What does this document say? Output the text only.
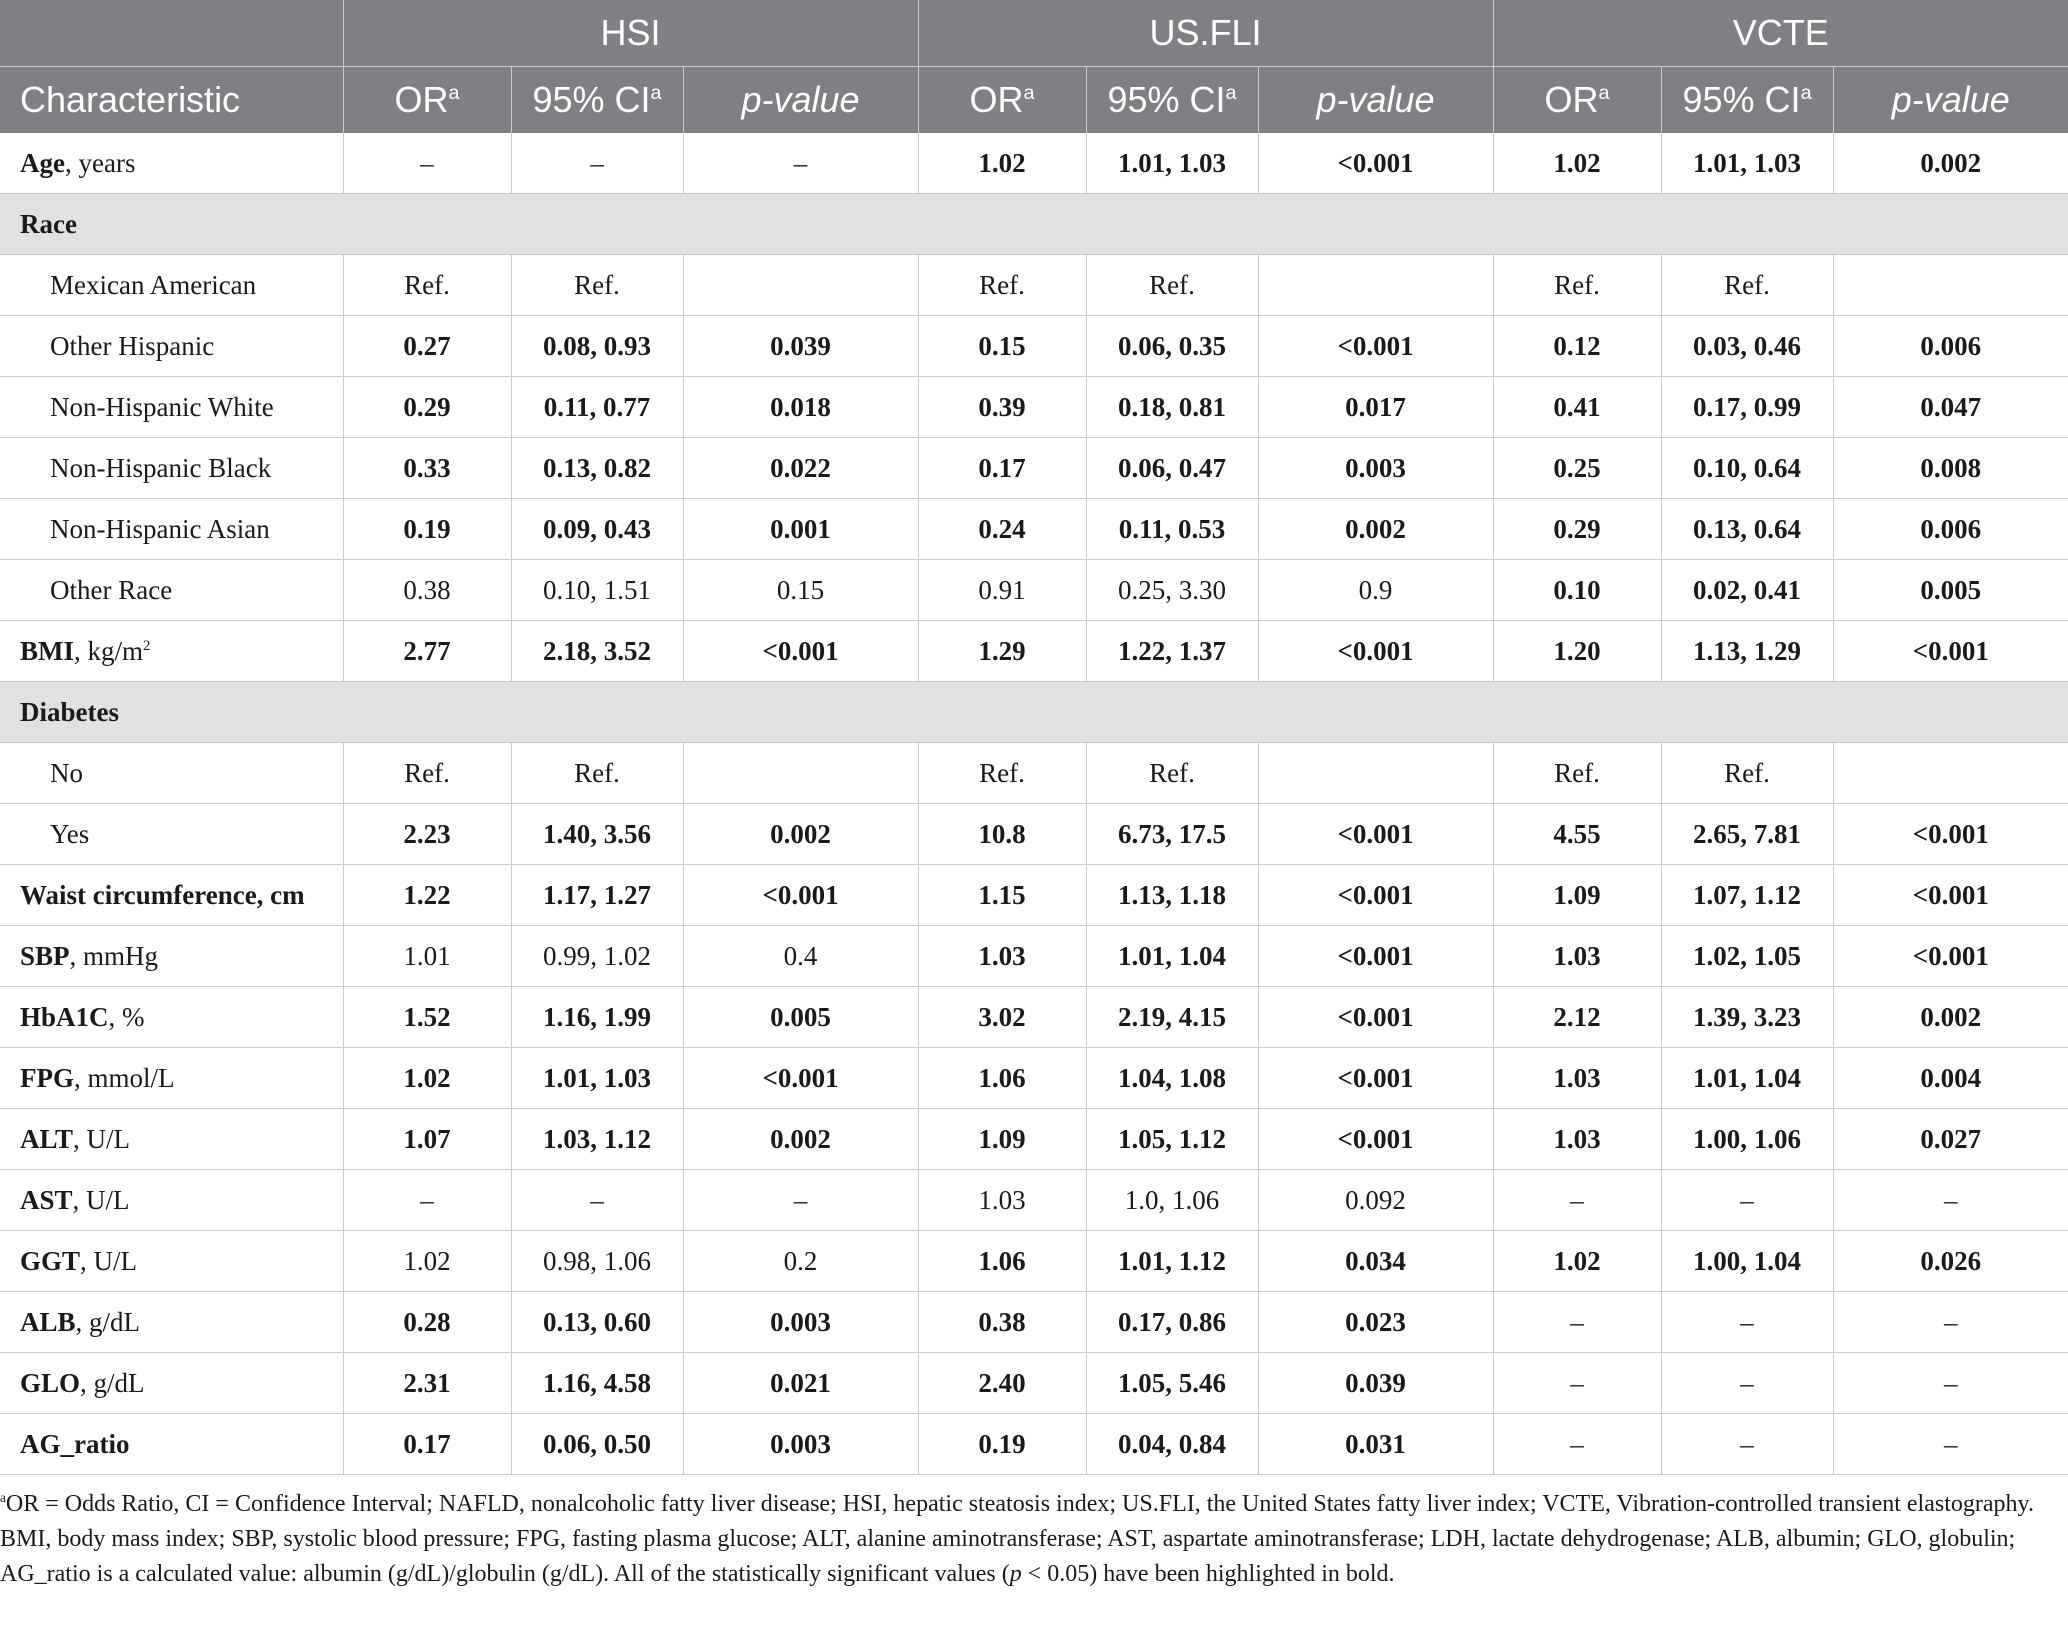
	HSI			US.FLI			VCTE		
Characteristic	$OR^a$	95% $CI^a$	p-value	$OR^a$	95% $CI^a$	p-value	$OR^a$	95% $CI^a$	p-value
Age, years	–	–	–	1.02	1.01, 1.03	<0.001	1.02	1.01, 1.03	0.002
Race									
Mexican American	Ref.	Ref.		Ref.	Ref.		Ref.	Ref.	
Other Hispanic	0.27	0.08, 0.93	0.039	0.15	0.06, 0.35	<0.001	0.12	0.03, 0.46	0.006
Non-Hispanic White	0.29	0.11, 0.77	0.018	0.39	0.18, 0.81	0.017	0.41	0.17, 0.99	0.047
Non-Hispanic Black	0.33	0.13, 0.82	0.022	0.17	0.06, 0.47	0.003	0.25	0.10, 0.64	0.008
Non-Hispanic Asian	0.19	0.09, 0.43	0.001	0.24	0.11, 0.53	0.002	0.29	0.13, 0.64	0.006
Other Race	0.38	0.10, 1.51	0.15	0.91	0.25, 3.30	0.9	0.10	0.02, 0.41	0.005
BMI, $kg/m^2$	2.77	2.18, 3.52	<0.001	1.29	1.22, 1.37	<0.001	1.20	1.13, 1.29	<0.001
Diabetes									
No	Ref.	Ref.		Ref.	Ref.		Ref.	Ref.	
Yes	2.23	1.40, 3.56	0.002	10.8	6.73, 17.5	<0.001	4.55	2.65, 7.81	<0.001
Waist circumference, cm	1.22	1.17, 1.27	<0.001	1.15	1.13, 1.18	<0.001	1.09	1.07, 1.12	<0.001
SBP, mmHg	1.01	0.99, 1.02	0.4	1.03	1.01, 1.04	<0.001	1.03	1.02, 1.05	<0.001
HbA1C, %	1.52	1.16, 1.99	0.005	3.02	2.19, 4.15	<0.001	2.12	1.39, 3.23	0.002
FPG, mmol/L	1.02	1.01, 1.03	<0.001	1.06	1.04, 1.08	<0.001	1.03	1.01, 1.04	0.004
ALT, U/L	1.07	1.03, 1.12	0.002	1.09	1.05, 1.12	<0.001	1.03	1.00, 1.06	0.027
AST, U/L	–	–	–	1.03	1.0, 1.06	0.092	–	–	–
GGT, U/L	1.02	0.98, 1.06	0.2	1.06	1.01, 1.12	0.034	1.02	1.00, 1.04	0.026
ALB, g/dL	0.28	0.13, 0.60	0.003	0.38	0.17, 0.86	0.023	–	–	–
GLO, g/dL	2.31	1.16, 4.58	0.021	2.40	1.05, 5.46	0.039	–	–	–
AG_ratio	0.17	0.06, 0.50	0.003	0.19	0.04, 0.84	0.031	–	–	–

$^a$OR = Odds Ratio, CI = Confidence Interval; NAFLD, nonalcoholic fatty liver disease; HSI, hepatic steatosis index; US.FLI, the United States fatty liver index; VCTE, Vibration-controlled transient elastography. BMI, body mass index; SBP, systolic blood pressure; FPG, fasting plasma glucose; ALT, alanine aminotransferase; AST, aspartate aminotransferase; LDH, lactate dehydrogenase; ALB, albumin; GLO, globulin; AG_ratio is a calculated value: albumin (g/dL)/globulin (g/dL). All of the statistically significant values (p < 0.05) have been highlighted in bold.
